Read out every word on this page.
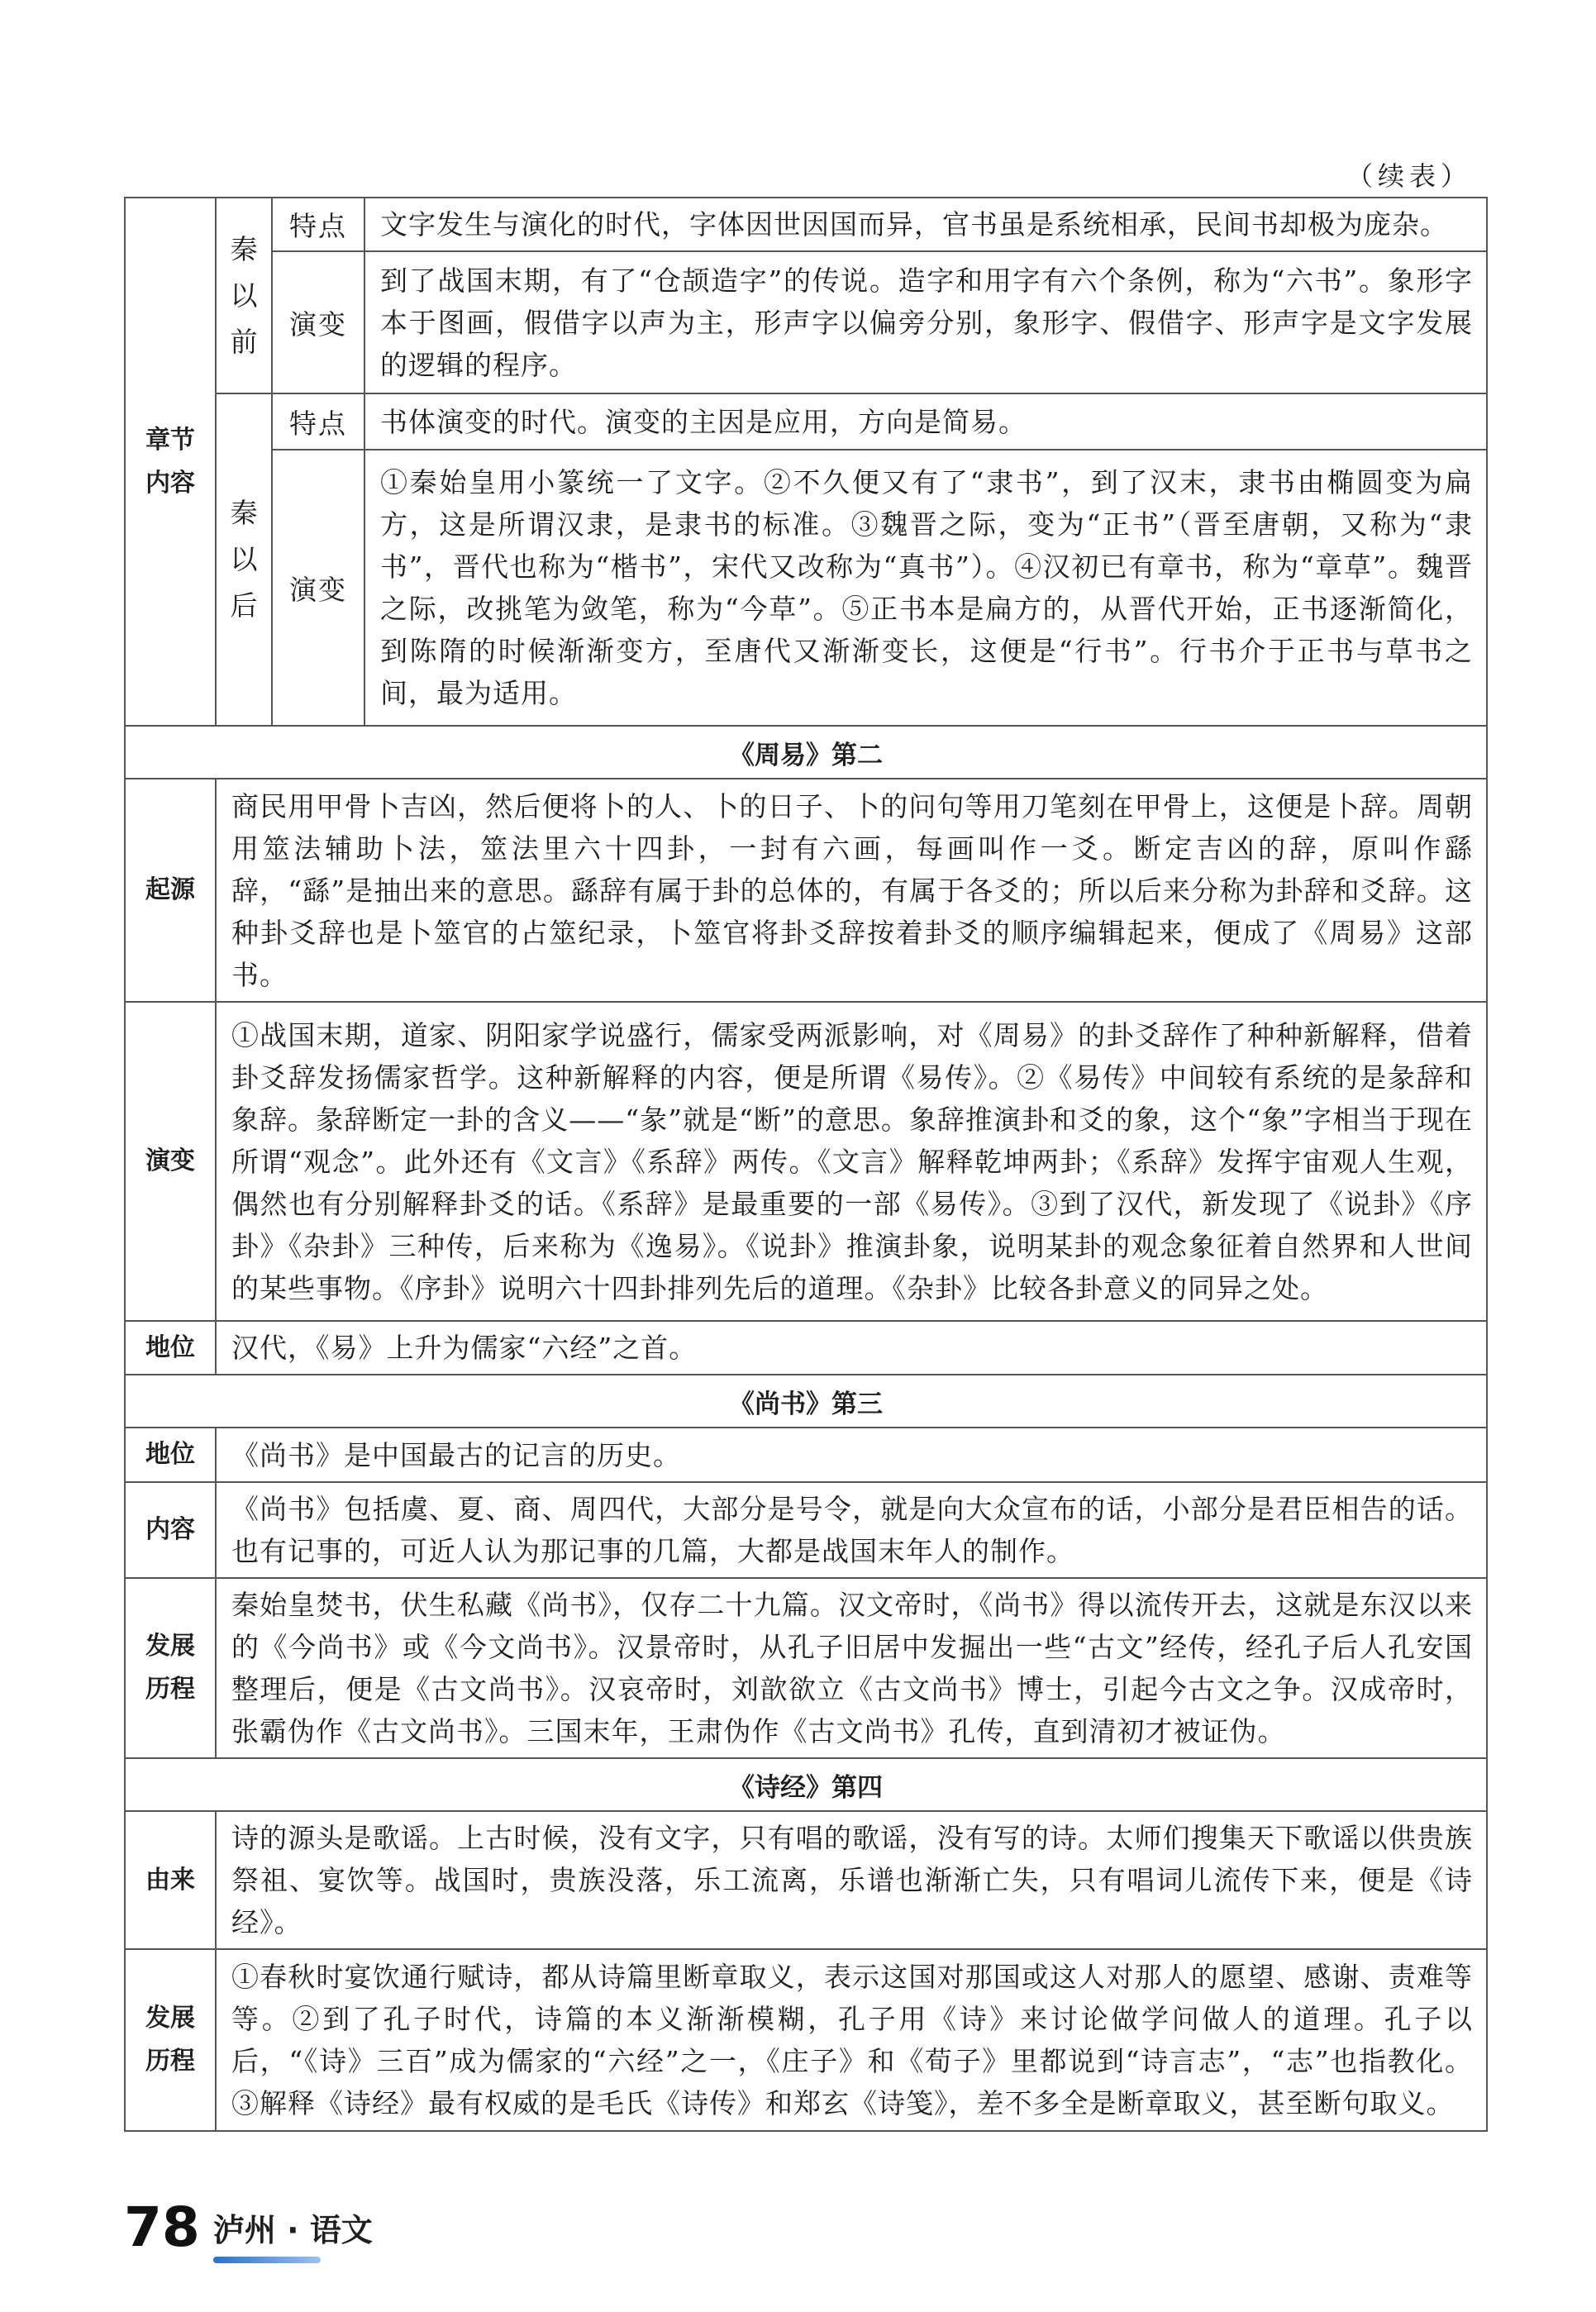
（续表）
章节内容	秦以前	特点	文字发生与演化的时代，字体因世因国而异，官书虽是系统相承，民间书却极为庞杂。
		演变	到了战国末期，有了“仓颉造字”的传说。造字和用字有六个条例，称为“六书”。象形字本于图画，假借字以声为主，形声字以偏旁分别，象形字、假借字、形声字是文字发展的逻辑的程序。

	秦以后	特点	书体演变的时代。演变的主因是应用，方向是简易。
		演变	①秦始皇用小篆统一了文字。②不久便又有了“隶书”，到了汉末，隶书由椭圆变为扁方，这是所谓汉隶，是隶书的标准。③魏晋之际，变为“正书”（晋至唐朝，又称为“隶书”，晋代也称为“楷书”，宋代又改称为“真书”）。④汉初已有章书，称为“章草”。魏晋之际，改挑笔为敛笔，称为“今草”。⑤正书本是扁方的，从晋代开始，正书逐渐简化，到陈隋的时候渐渐变方，至唐代又渐渐变长，这便是“行书”。行书介于正书与草书之间，最为适用。
《周易》第二			
起源	商民用甲骨卜吉凶，然后便将卜的人、卜的日子、卜的问句等用刀笔刻在甲骨上，这便是卜辞。周朝用筮法辅助卜法，筮法里六十四卦，一封有六画，每画叫作一爻。断定吉凶的辞，原叫作繇辞，“繇”是抽出来的意思。繇辞有属于卦的总体的，有属于各爻的；所以后来分称为卦辞和爻辞。这种卦爻辞也是卜筮官的占筮纪录，卜筮官将卦爻辞按着卦爻的顺序编辑起来，便成了《周易》这部书。		
演变	①战国末期，道家、阴阳家学说盛行，儒家受两派影响，对《周易》的卦爻辞作了种种新解释，借着卦爻辞发扬儒家哲学。这种新解释的内容，便是所谓《易传》。②《易传》中间较有系统的是彖辞和象辞。彖辞断定一卦的含义——“彖”就是“断”的意思。象辞推演卦和爻的象，这个“象”字相当于现在所谓“观念”。此外还有《文言》《系辞》两传。《文言》解释乾坤两卦；《系辞》发挥宇宙观人生观，偶然也有分别解释卦爻的话。《系辞》是最重要的一部《易传》。③到了汉代，新发现了《说卦》《序卦》《杂卦》三种传，后来称为《逸易》。《说卦》推演卦象，说明某卦的观念象征着自然界和人世间的某些事物。《序卦》说明六十四卦排列先后的道理。《杂卦》比较各卦意义的同异之处。		
地位	汉代，《易》上升为儒家“六经”之首。		
《尚书》第三			
地位	《尚书》是中国最古的记言的历史。		
内容	《尚书》包括虞、夏、商、周四代，大部分是号令，就是向大众宣布的话，小部分是君臣相告的话。也有记事的，可近人认为那记事的几篇，大都是战国末年人的制作。		

发展历程	秦始皇焚书，伏生私藏《尚书》，仅存二十九篇。汉文帝时，《尚书》得以流传开去，这就是东汉以来的《今尚书》或《今文尚书》。汉景帝时，从孔子旧居中发掘出一些“古文”经传，经孔子后人孔安国整理后，便是《古文尚书》。汉哀帝时，刘歆欲立《古文尚书》博士，引起今古文之争。汉成帝时，张霸伪作《古文尚书》。三国末年，王肃伪作《古文尚书》孔传，直到清初才被证伪。		
《诗经》第四			
由来	诗的源头是歌谣。上古时候，没有文字，只有唱的歌谣，没有写的诗。太师们搜集天下歌谣以供贵族祭祖、宴饮等。战国时，贵族没落，乐工流离，乐谱也渐渐亡失，只有唱词儿流传下来，便是《诗经》。		

发展历程	①春秋时宴饮通行赋诗，都从诗篇里断章取义，表示这国对那国或这人对那人的愿望、感谢、责难等等。②到了孔子时代，诗篇的本义渐渐模糊，孔子用《诗》来讨论做学问做人的道理。孔子以后，“《诗》三百”成为儒家的“六经”之一，《庄子》和《荀子》里都说到“诗言志”，“志”也指教化。③解释《诗经》最有权威的是毛氏《诗传》和郑玄《诗笺》，差不多全是断章取义，甚至断句取义。		
78 泸州 · 语文
